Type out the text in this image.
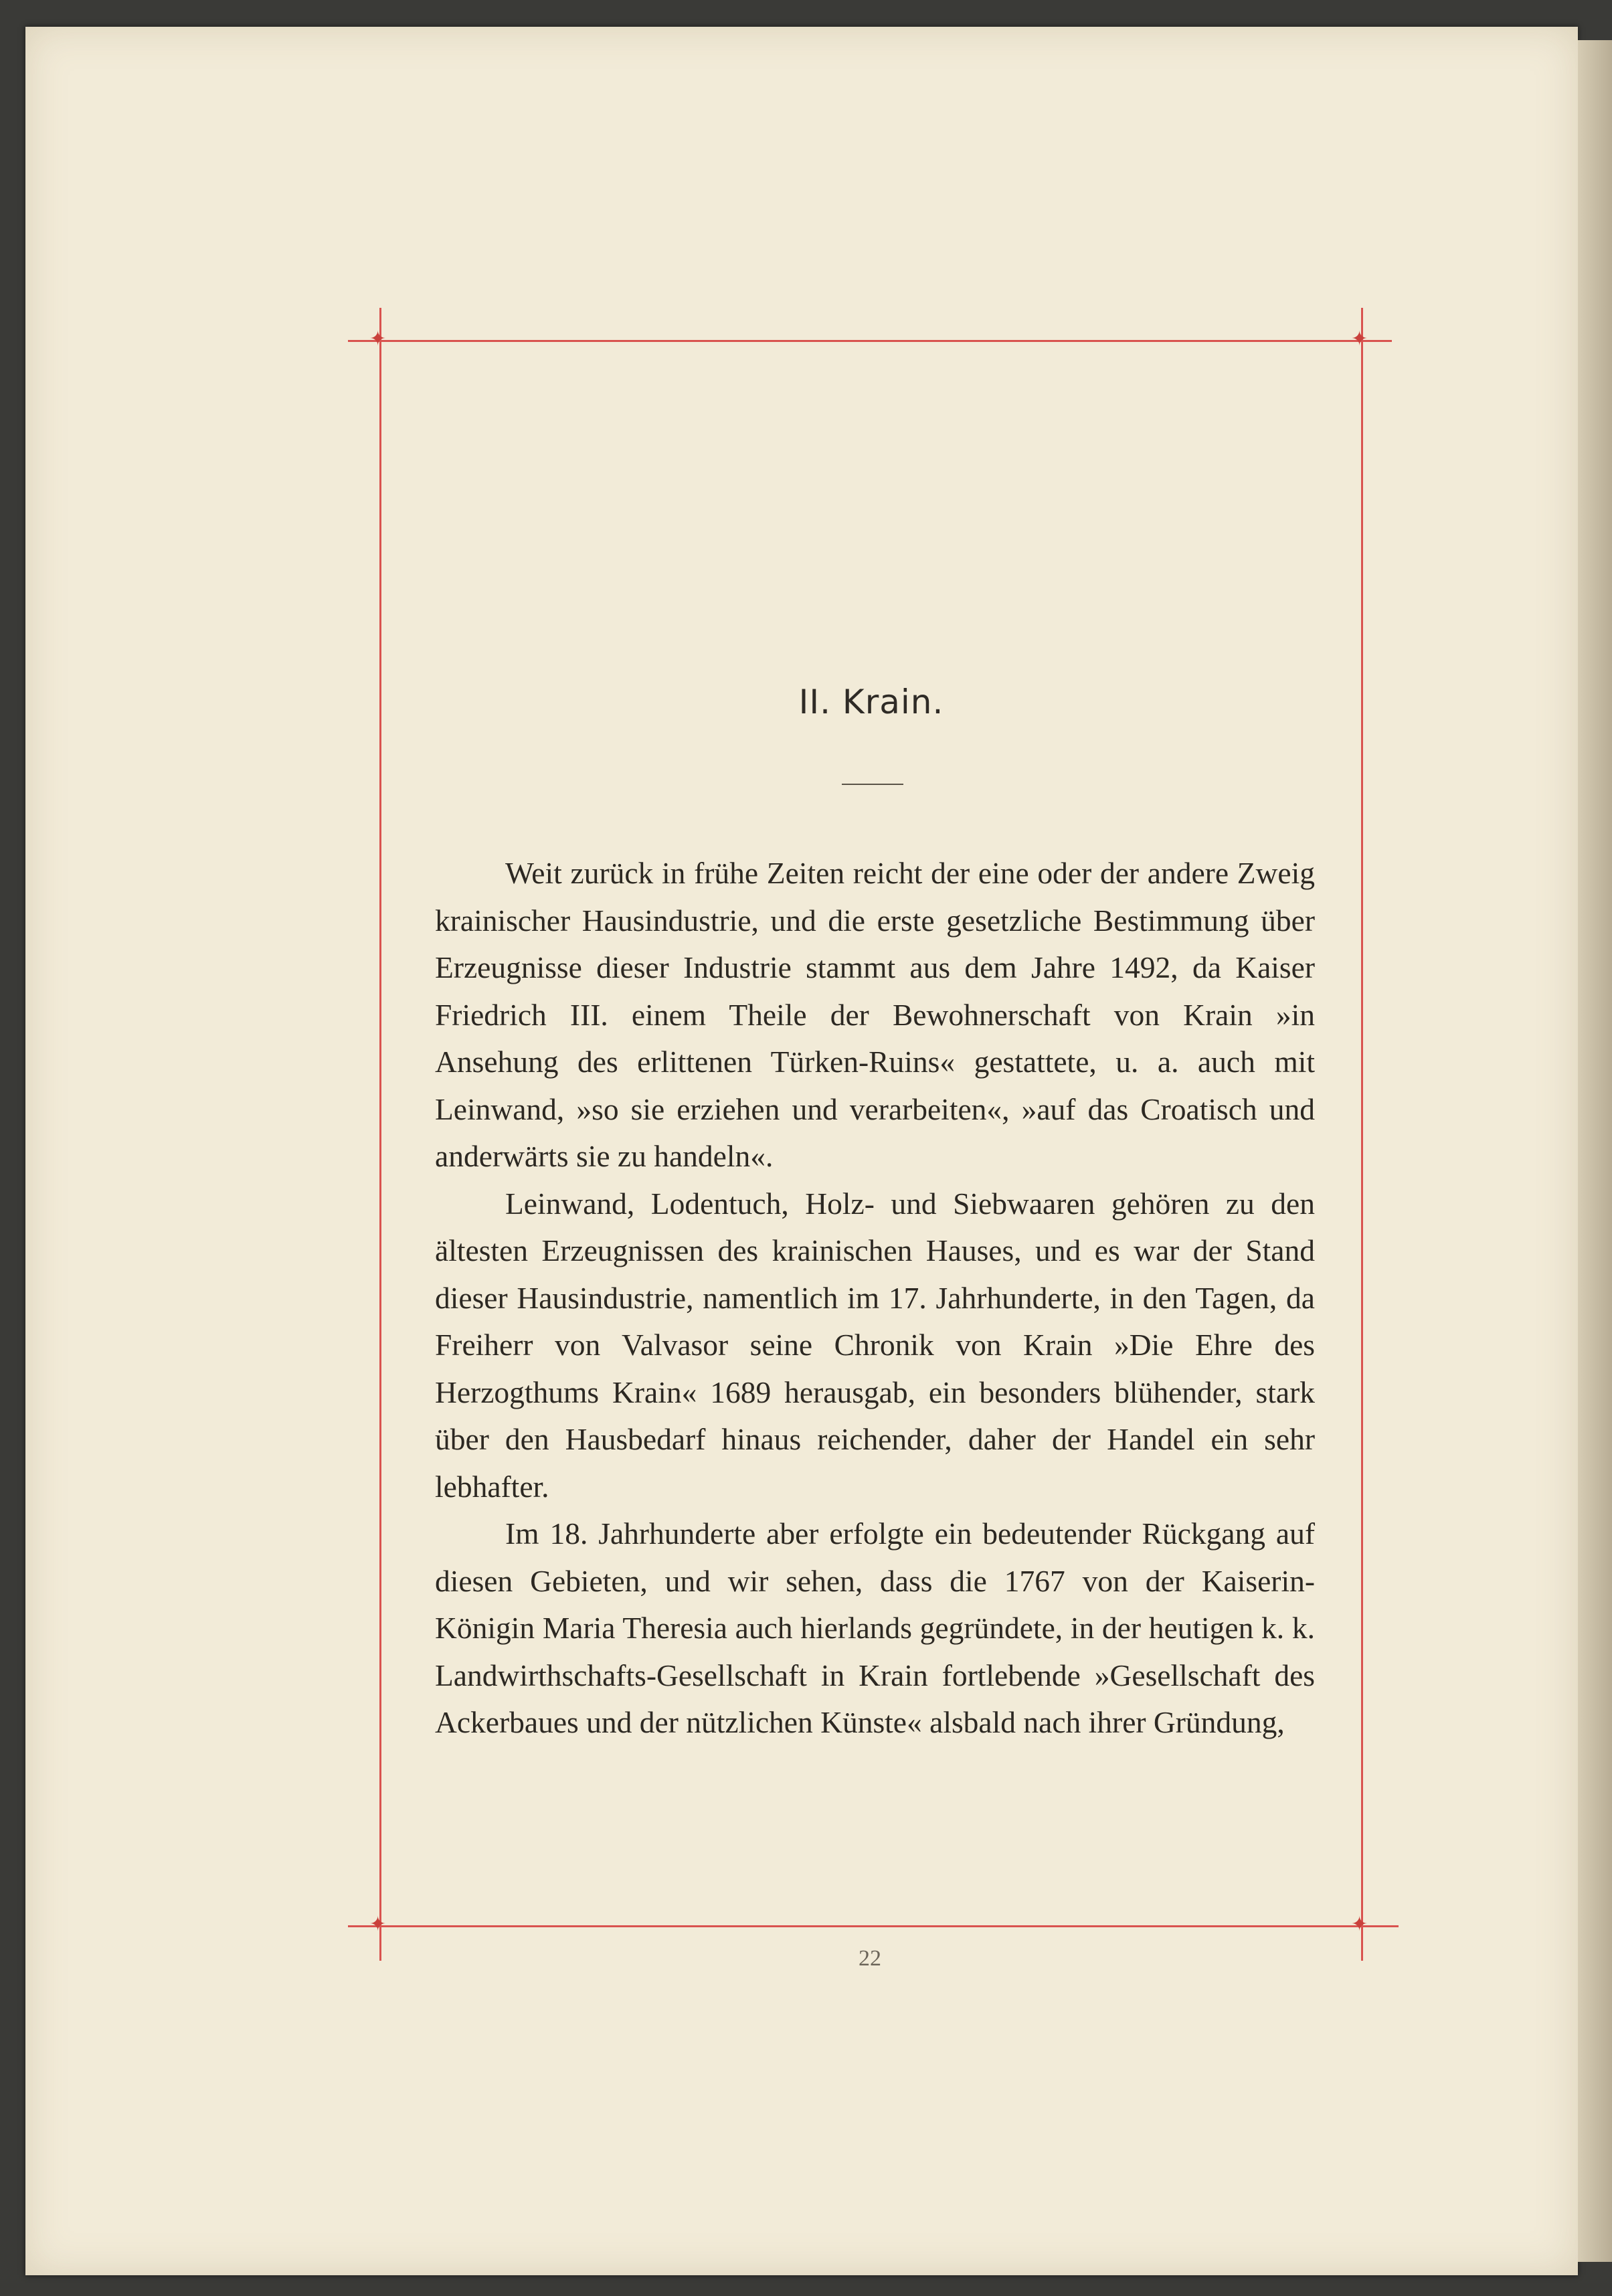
✦	✦
✦	✦
II. Krain.

Weit zurück in frühe Zeiten reicht der eine oder der andere Zweig krainischer Hausindustrie, und die erste gesetzliche Bestimmung über Erzeugnisse dieser Industrie stammt aus dem Jahre 1492, da Kaiser Friedrich III. einem Theile der Bewohnerschaft von Krain »in Ansehung des erlittenen Türken-Ruins« gestattete, u. a. auch mit Leinwand, »so sie erziehen und verarbeiten«, »auf das Croatisch und anderwärts sie zu handeln«.

Leinwand, Lodentuch, Holz- und Siebwaaren gehören zu den ältesten Erzeugnissen des krainischen Hauses, und es war der Stand dieser Hausindustrie, namentlich im 17. Jahrhunderte, in den Tagen, da Freiherr von Valvasor seine Chronik von Krain »Die Ehre des Herzogthums Krain« 1689 herausgab, ein besonders blühender, stark über den Hausbedarf hinaus reichender, daher der Handel ein sehr lebhafter.

Im 18. Jahrhunderte aber erfolgte ein bedeutender Rückgang auf diesen Gebieten, und wir sehen, dass die 1767 von der Kaiserin-Königin Maria Theresia auch hierlands gegründete, in der heutigen k. k. Landwirthschafts-Gesellschaft in Krain fortlebende »Gesellschaft des Ackerbaues und der nützlichen Künste« alsbald nach ihrer Gründung,

22
